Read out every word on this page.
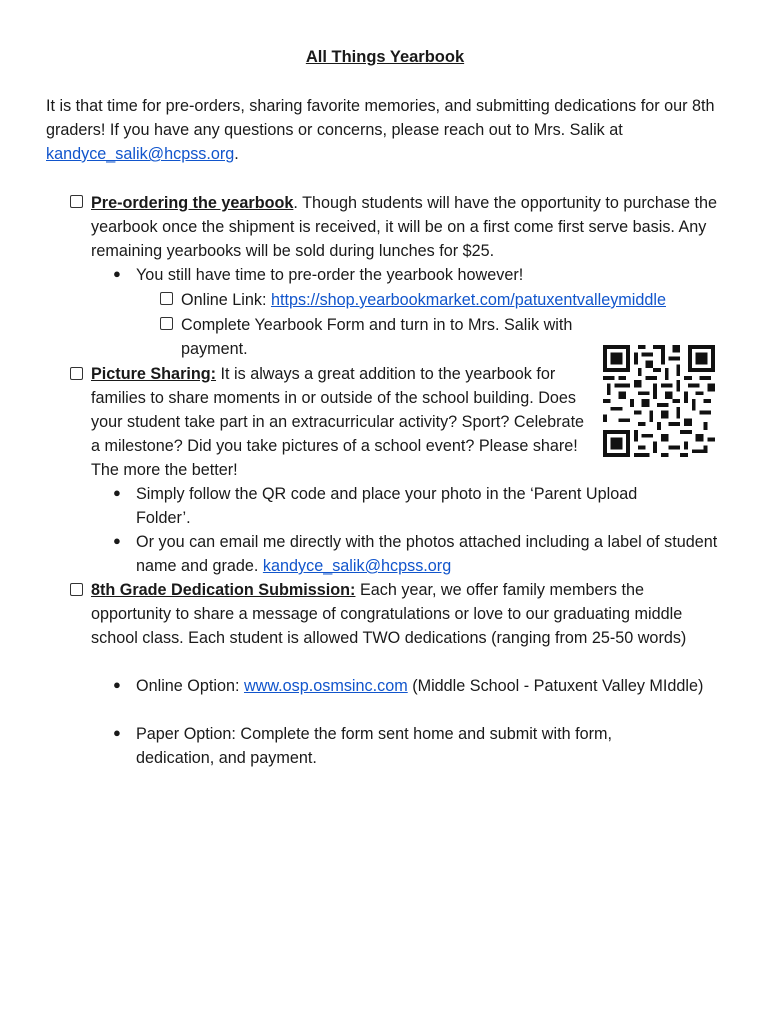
All Things Yearbook
It is that time for pre-orders, sharing favorite memories, and submitting dedications for our 8th graders! If you have any questions or concerns, please reach out to Mrs. Salik at kandyce_salik@hcpss.org.
Pre-ordering the yearbook. Though students will have the opportunity to purchase the yearbook once the shipment is received, it will be on a first come first serve basis. Any remaining yearbooks will be sold during lunches for $25.
● You still have time to pre-order the yearbook however!
Online Link: https://shop.yearbookmarket.com/patuxentvalleymiddle
Complete Yearbook Form and turn in to Mrs. Salik with payment.
Picture Sharing: It is always a great addition to the yearbook for families to share moments in or outside of the school building. Does your student take part in an extracurricular activity? Sport? Celebrate a milestone? Did you take pictures of a school event? Please share! The more the better!
● Simply follow the QR code and place your photo in the ‘Parent Upload Folder’.
● Or you can email me directly with the photos attached including a label of student name and grade. kandyce_salik@hcpss.org
8th Grade Dedication Submission: Each year, we offer family members the opportunity to share a message of congratulations or love to our graduating middle school class. Each student is allowed TWO dedications (ranging from 25-50 words)
● Online Option: www.osp.osmsinc.com (Middle School - Patuxent Valley MIddle)
● Paper Option: Complete the form sent home and submit with form, dedication, and payment.
